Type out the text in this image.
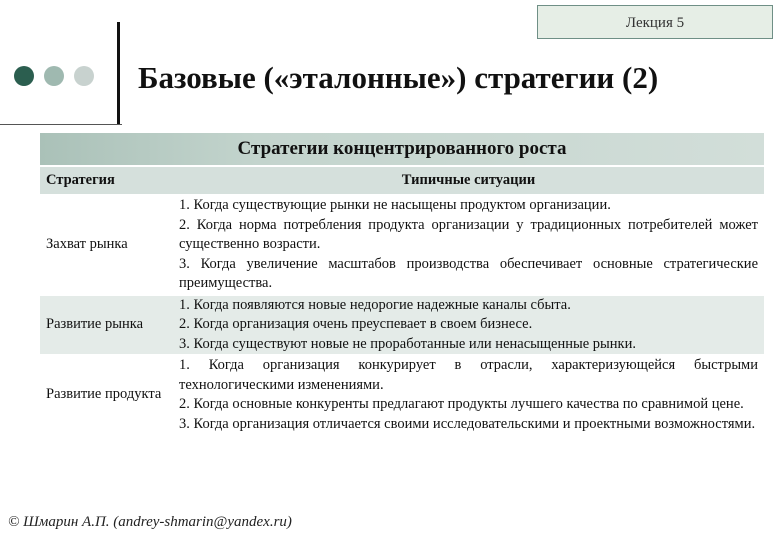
Лекция 5
Базовые («эталонные») стратегии (2)
Стратегии концентрированного роста
Стратегия	Типичные ситуации
Захват рынка	1. Когда существующие рынки не насыщены продуктом организации.
2. Когда норма потребления продукта организации у традиционных потребителей может существенно возрасти.
3. Когда увеличение масштабов производства обеспечивает основные стратегические преимущества.

Развитие рынка	1. Когда появляются новые недорогие надежные каналы сбыта.
2. Когда организация очень преуспевает в своем бизнесе.
3. Когда существуют новые не проработанные или ненасыщенные рынки.

Развитие продукта	1. Когда организация конкурирует в отрасли, характеризующейся быстрыми технологическими изменениями.
2. Когда основные конкуренты предлагают продукты лучшего качества по сравнимой цене.
3. Когда организация отличается своими исследовательскими и проектными возможностями.
© Шмарин А.П. (andrey-shmarin@yandex.ru)
